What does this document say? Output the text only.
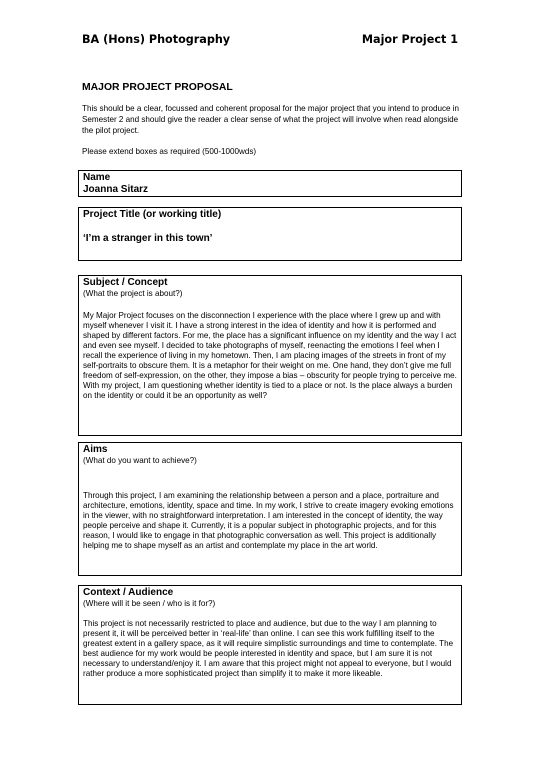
BA (Hons) Photography	Major Project 1
MAJOR PROJECT PROPOSAL
This should be a clear, focussed and coherent proposal for the major project that you intend to produce in Semester 2 and should give the reader a clear sense of what the project will involve when read alongside the pilot project.
Please extend boxes as required (500-1000wds)
Name
Joanna Sitarz
Project Title (or working title)
‘I’m a stranger in this town’
Subject / Concept
(What the project is about?)
My Major Project focuses on the disconnection I experience with the place where I grew up and with myself whenever I visit it. I have a strong interest in the idea of identity and how it is performed and shaped by different factors. For me, the place has a significant influence on my identity and the way I act and even see myself. I decided to take photographs of myself, reenacting the emotions I feel when I recall the experience of living in my hometown. Then, I am placing images of the streets in front of my self-portraits to obscure them. It is a metaphor for their weight on me. One hand, they don’t give me full freedom of self-expression, on the other, they impose a bias – obscurity for people trying to perceive me. With my project, I am questioning whether identity is tied to a place or not. Is the place always a burden on the identity or could it be an opportunity as well?
Aims
(What do you want to achieve?)
Through this project, I am examining the relationship between a person and a place, portraiture and architecture, emotions, identity, space and time. In my work, I strive to create imagery evoking emotions in the viewer, with no straightforward interpretation. I am interested in the concept of identity, the way people perceive and shape it. Currently, it is a popular subject in photographic projects, and for this reason, I would like to engage in that photographic conversation as well. This project is additionally helping me to shape myself as an artist and contemplate my place in the art world.
Context / Audience
(Where will it be seen / who is it for?)
This project is not necessarily restricted to place and audience, but due to the way I am planning to present it, it will be perceived better in ‘real-life’ than online. I can see this work fulfilling itself to the greatest extent in a gallery space, as it will require simplistic surroundings and time to contemplate. The best audience for my work would be people interested in identity and space, but I am sure it is not necessary to understand/enjoy it. I am aware that this project might not appeal to everyone, but I would rather produce a more sophisticated project than simplify it to make it more likeable.
